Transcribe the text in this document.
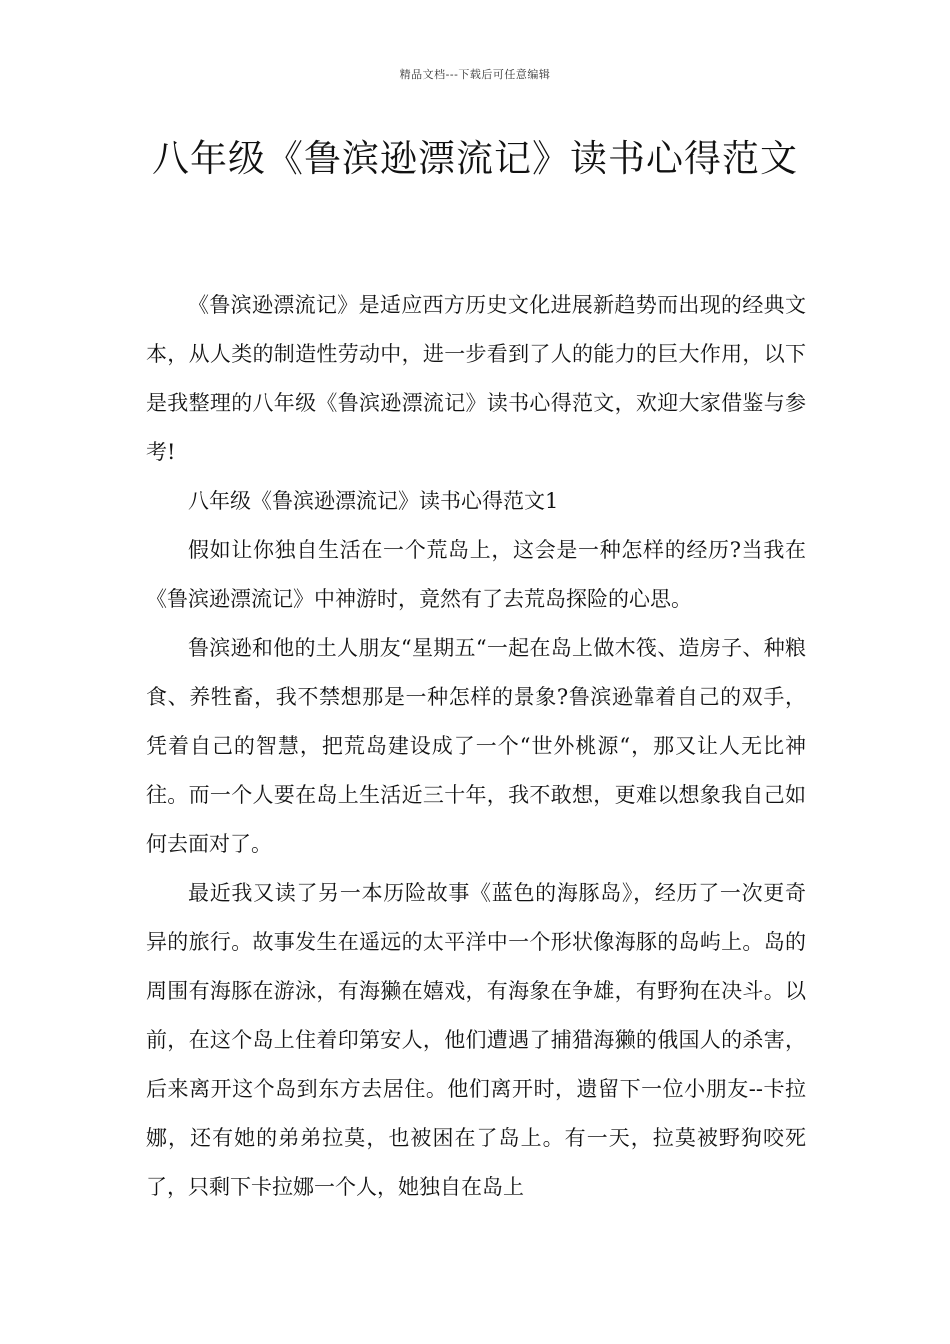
精品文档---下载后可任意编辑
八年级《鲁滨逊漂流记》读书心得范文

《鲁滨逊漂流记》是适应西方历史文化进展新趋势而出现的经典文本，从人类的制造性劳动中，进一步看到了人的能力的巨大作用，以下是我整理的八年级《鲁滨逊漂流记》读书心得范文，欢迎大家借鉴与参考!

八年级《鲁滨逊漂流记》读书心得范文1

假如让你独自生活在一个荒岛上，这会是一种怎样的经历?当我在《鲁滨逊漂流记》中神游时，竟然有了去荒岛探险的心思。

鲁滨逊和他的土人朋友“星期五“一起在岛上做木筏、造房子、种粮食、养牲畜，我不禁想那是一种怎样的景象?鲁滨逊靠着自己的双手，凭着自己的智慧，把荒岛建设成了一个“世外桃源“，那又让人无比神往。而一个人要在岛上生活近三十年，我不敢想，更难以想象我自己如何去面对了。

最近我又读了另一本历险故事《蓝色的海豚岛》，经历了一次更奇异的旅行。故事发生在遥远的太平洋中一个形状像海豚的岛屿上。岛的周围有海豚在游泳，有海獭在嬉戏，有海象在争雄，有野狗在决斗。以前，在这个岛上住着印第安人，他们遭遇了捕猎海獭的俄国人的杀害，后来离开这个岛到东方去居住。他们离开时，遗留下一位小朋友--卡拉娜，还有她的弟弟拉莫，也被困在了岛上。有一天，拉莫被野狗咬死了，只剩下卡拉娜一个人，她独自在岛上
